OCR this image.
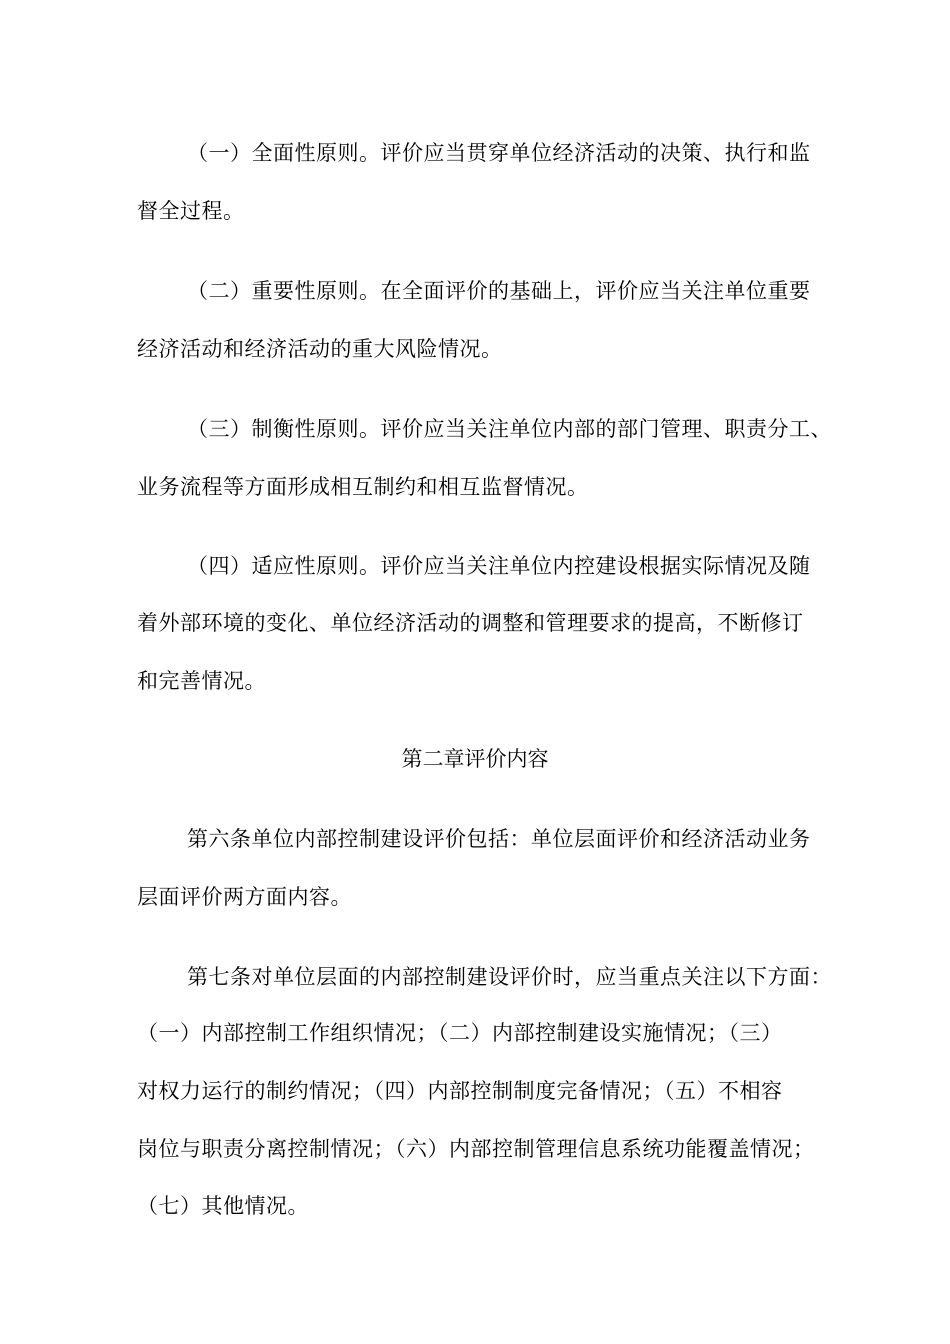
（一）全面性原则。评价应当贯穿单位经济活动的决策、执行和监
督全过程。
（二）重要性原则。在全面评价的基础上，评价应当关注单位重要
经济活动和经济活动的重大风险情况。
（三）制衡性原则。评价应当关注单位内部的部门管理、职责分工、
业务流程等方面形成相互制约和相互监督情况。
（四）适应性原则。评价应当关注单位内控建设根据实际情况及随
着外部环境的变化、单位经济活动的调整和管理要求的提高，不断修订
和完善情况。
第二章评价内容
第六条单位内部控制建设评价包括：单位层面评价和经济活动业务
层面评价两方面内容。
第七条对单位层面的内部控制建设评价时，应当重点关注以下方面：
（一）内部控制工作组织情况；（二）内部控制建设实施情况；（三）
对权力运行的制约情况；（四）内部控制制度完备情况；（五）不相容
岗位与职责分离控制情况；（六）内部控制管理信息系统功能覆盖情况；
（七）其他情况。
